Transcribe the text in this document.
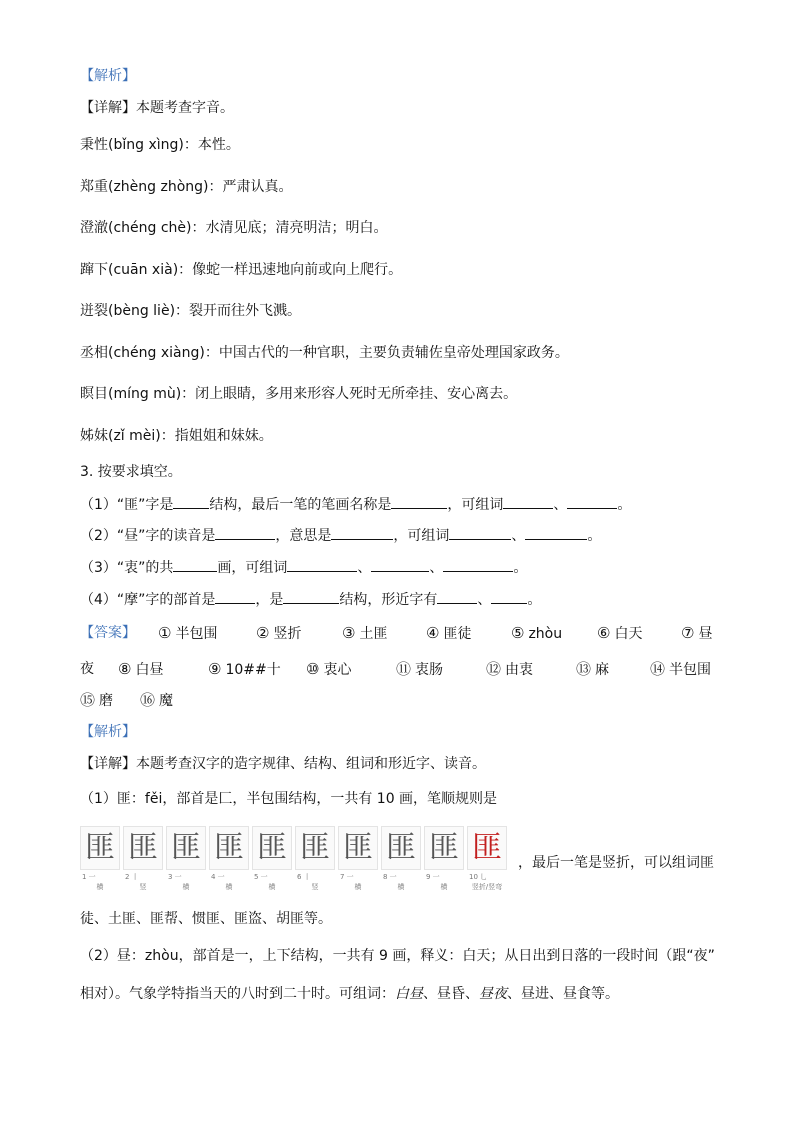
【解析】
【详解】本题考查字音。
秉性(bǐng xìng)：本性。
郑重(zhèng zhòng)：严肃认真。
澄澈(chéng chè)：水清见底；清亮明洁；明白。
蹿下(cuān xià)：像蛇一样迅速地向前或向上爬行。
迸裂(bèng liè)：裂开而往外飞溅。
丞相(chéng xiàng)：中国古代的一种官职，主要负责辅佐皇帝处理国家政务。
瞑目(míng mù)：闭上眼睛，多用来形容人死时无所牵挂、安心离去。
姊妹(zǐ mèi)：指姐姐和妹妹。
3. 按要求填空。
（1）“匪”字是	结构，最后一笔的笔画名称是	，可组词	、	。
（2）“昼”字的读音是	，意思是	，可组词	、	。
（3）“衷”的共	画，可组词	、	、	。
（4）“摩”字的部首是	，是	结构，形近字有	、	。
【答案】 ① 半包围	② 竖折	③ 土匪	④ 匪徒	⑤ zhòu ⑥ 白天	⑦ 昼
夜 ⑧ 白昼	⑨ 10##十 ⑩ 衷心	⑪ 衷肠	⑫ 由衷	⑬ 麻	⑭ 半包围
⑮ 磨 ⑯ 魔
【解析】
【详解】本题考查汉字的造字规律、结构、组词和形近字、读音。
（1）匪：fěi，部首是匚，半包围结构，一共有 10 画，笔顺规则是
匪
1 一
横
匪
2 丨
竖
匪
3 一
横
匪
4 一
横
匪
5 一
横
匪
6 丨
竖
匪
7 一
横
匪
8 一
横
匪
9 一
横
匪
10 乚
竖折/竖弯
，最后一笔是竖折，可以组词匪
徒、土匪、匪帮、惯匪、匪盗、胡匪等。
（2）昼：zhòu，部首是一，上下结构，一共有 9 画，释义：白天；从日出到日落的一段时间（跟“夜”
相对）。气象学特指当天的八时到二十时。可组词：白昼、昼昏、昼夜、昼进、昼食等。
